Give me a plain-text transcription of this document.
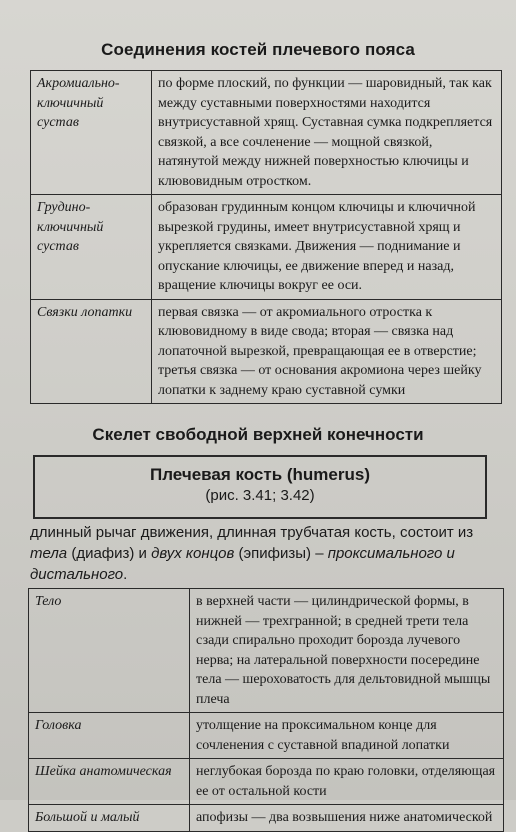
Соединения костей плечевого пояса
Акромиально-ключичный сустав	по форме плоский, по функции — шаровидный, так как между суставными поверхностями находится внутрисуставной хрящ. Суставная сумка подкрепляется связкой, а все сочленение — мощной связкой, натянутой между нижней поверхностью ключицы и клювовидным отростком.
Грудино-ключичный сустав	образован грудинным концом ключицы и ключичной вырезкой грудины, имеет внутрисуставной хрящ и укрепляется связками. Движения — поднимание и опускание ключицы, ее движение вперед и назад, вращение ключицы вокруг ее оси.
Связки лопатки	первая связка — от акромиального отростка к клювовидному в виде свода; вторая — связка над лопаточной вырезкой, превращающая ее в отверстие; третья связка — от основания акромиона через шейку лопатки к заднему краю суставной сумки
Скелет свободной верхней конечности
Плечевая кость (humerus)
(рис. 3.41; 3.42)
длинный рычаг движения, длинная трубчатая кость, состоит из тела (диафиз) и двух концов (эпифизы) – проксимального и дистального.
Тело	в верхней части — цилиндрической формы, в нижней — трехгранной; в средней трети тела сзади спирально проходит борозда лучевого нерва; на латеральной поверхности посередине тела — шероховатость для дельтовидной мышцы плеча
Головка	утолщение на проксимальном конце для сочленения с суставной впадиной лопатки
Шейка анатомическая	неглубокая борозда по краю головки, отделяющая ее от остальной кости
Большой и малый	апофизы — два возвышения ниже анатомической
